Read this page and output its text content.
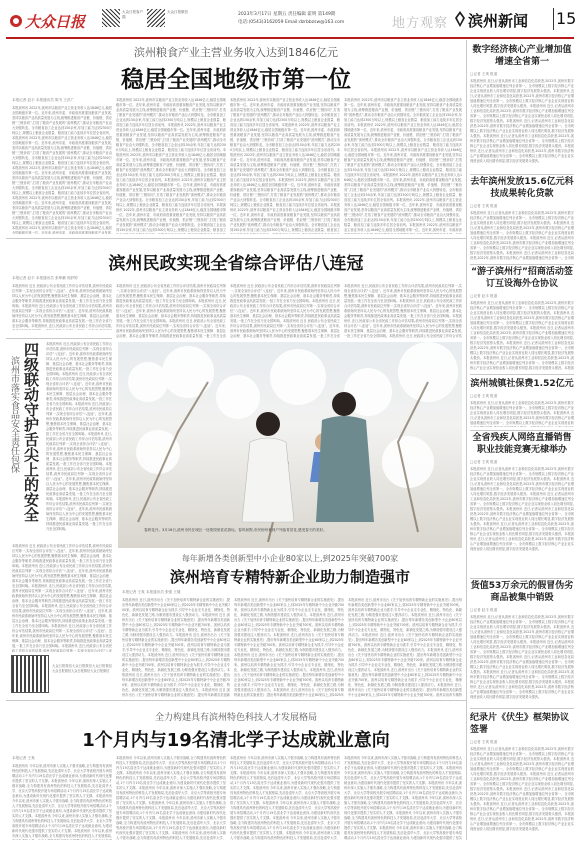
大众日报
大众日报客户端
大众日报微信	2023年3月17日 星期五 责任编辑 霍明 第149期
电话:(0543)3162059 Email:dzrbbzsw@163.com	地方观察 滨州新闻 15
滨州粮食产业主营业务收入达到1846亿元
稳居全国地级市第一位
本报记者 赵丰 本报通讯员 陈书 王洪广
本报滨州讯 2022年,滨州市以粮食产业主营业务收入达1846亿元,稳居全国地级市第一位。近年来,滨州市委、市政府高度重视粮食产业发展,坚持以粮食产业高质量发展为主线,统筹推进粮食产业链、价值链、供应链“三链协同”,打造了粮食产业发展的“滨州模式”,推动全市粮食产业由大到强转变。全市粮食加工企业达到150余家,年加工能力达到2300万吨以上,规模以上粮食企业数量、粮食加工能力连续多年位居全省前列。本报滨州讯 2022年,滨州市以粮食产业主营业务收入达1846亿元,稳居全国地级市第一位。近年来,滨州市委、市政府高度重视粮食产业发展,坚持以粮食产业高质量发展为主线,统筹推进粮食产业链、价值链、供应链“三链协同”,打造了粮食产业发展的“滨州模式”,推动全市粮食产业由大到强转变。全市粮食加工企业达到150余家,年加工能力达到2300万吨以上,规模以上粮食企业数量、粮食加工能力连续多年位居全省前列。本报滨州讯 2022年,滨州市以粮食产业主营业务收入达1846亿元,稳居全国地级市第一位。近年来,滨州市委、市政府高度重视粮食产业发展,坚持以粮食产业高质量发展为主线,统筹推进粮食产业链、价值链、供应链“三链协同”,打造了粮食产业发展的“滨州模式”,推动全市粮食产业由大到强转变。全市粮食加工企业达到150余家,年加工能力达到2300万吨以上,规模以上粮食企业数量、粮食加工能力连续多年位居全省前列。本报滨州讯 2022年,滨州市以粮食产业主营业务收入达1846亿元,稳居全国地级市第一位。近年来,滨州市委、市政府高度重视粮食产业发展,坚持以粮食产业高质量发展为主线,统筹推进粮食产业链、价值链、供应链“三链协同”,打造了粮食产业发展的“滨州模式”,推动全市粮食产业由大到强转变。全市粮食加工企业达到150余家,年加工能力达到2300万吨以上,规模以上粮食企业数量、粮食加工能力连续多年位居全省前列。本报滨州讯 2022年,滨州市以粮食产业主营业务收入达1846亿元,稳居全国地级市第一位。近年来,滨州市委、市政府高度重视粮食产业发展,
本报滨州讯 2022年,滨州市以粮食产业主营业务收入达1846亿元,稳居全国地级市第一位。近年来,滨州市委、市政府高度重视粮食产业发展,坚持以粮食产业高质量发展为主线,统筹推进粮食产业链、价值链、供应链“三链协同”,打造了粮食产业发展的“滨州模式”,推动全市粮食产业由大到强转变。全市粮食加工企业达到150余家,年加工能力达到2300万吨以上,规模以上粮食企业数量、粮食加工能力连续多年位居全省前列。本报滨州讯 2022年,滨州市以粮食产业主营业务收入达1846亿元,稳居全国地级市第一位。近年来,滨州市委、市政府高度重视粮食产业发展,坚持以粮食产业高质量发展为主线,统筹推进粮食产业链、价值链、供应链“三链协同”,打造了粮食产业发展的“滨州模式”,推动全市粮食产业由大到强转变。全市粮食加工企业达到150余家,年加工能力达到2300万吨以上,规模以上粮食企业数量、粮食加工能力连续多年位居全省前列。本报滨州讯 2022年,滨州市以粮食产业主营业务收入达1846亿元,稳居全国地级市第一位。近年来,滨州市委、市政府高度重视粮食产业发展,坚持以粮食产业高质量发展为主线,统筹推进粮食产业链、价值链、供应链“三链协同”,打造了粮食产业发展的“滨州模式”,推动全市粮食产业由大到强转变。全市粮食加工企业达到150余家,年加工能力达到2300万吨以上,规模以上粮食企业数量、粮食加工能力连续多年位居全省前列。本报滨州讯 2022年,滨州市以粮食产业主营业务收入达1846亿元,稳居全国地级市第一位。近年来,滨州市委、市政府高度重视粮食产业发展,坚持以粮食产业高质量发展为主线,统筹推进粮食产业链、价值链、供应链“三链协同”,打造了粮食产业发展的“滨州模式”,推动全市粮食产业由大到强转变。全市粮食加工企业达到150余家,年加工能力达到2300万吨以上,规模以上粮食企业数量、粮食加工能力连续多年位居全省前列。本报滨州讯 2022年,滨州市以粮食产业主营业务收入达1846亿元,稳居全国地级市第一位。近年来,滨州市委、市政府高度重视粮食产业发展,坚持以粮食产业高质量发展为主线,统筹推进粮食产业链、价值链、供应链“三链协同”,打造了粮食产业发展的“滨州模式”,推动全市粮食产业由大到强转变。全市粮食加工企业达到150余家,年加工能力达到2300万吨以上,规模以上粮食企业数量、粮食加工
本报滨州讯 2022年,滨州市以粮食产业主营业务收入达1846亿元,稳居全国地级市第一位。近年来,滨州市委、市政府高度重视粮食产业发展,坚持以粮食产业高质量发展为主线,统筹推进粮食产业链、价值链、供应链“三链协同”,打造了粮食产业发展的“滨州模式”,推动全市粮食产业由大到强转变。全市粮食加工企业达到150余家,年加工能力达到2300万吨以上,规模以上粮食企业数量、粮食加工能力连续多年位居全省前列。本报滨州讯 2022年,滨州市以粮食产业主营业务收入达1846亿元,稳居全国地级市第一位。近年来,滨州市委、市政府高度重视粮食产业发展,坚持以粮食产业高质量发展为主线,统筹推进粮食产业链、价值链、供应链“三链协同”,打造了粮食产业发展的“滨州模式”,推动全市粮食产业由大到强转变。全市粮食加工企业达到150余家,年加工能力达到2300万吨以上,规模以上粮食企业数量、粮食加工能力连续多年位居全省前列。本报滨州讯 2022年,滨州市以粮食产业主营业务收入达1846亿元,稳居全国地级市第一位。近年来,滨州市委、市政府高度重视粮食产业发展,坚持以粮食产业高质量发展为主线,统筹推进粮食产业链、价值链、供应链“三链协同”,打造了粮食产业发展的“滨州模式”,推动全市粮食产业由大到强转变。全市粮食加工企业达到150余家,年加工能力达到2300万吨以上,规模以上粮食企业数量、粮食加工能力连续多年位居全省前列。本报滨州讯 2022年,滨州市以粮食产业主营业务收入达1846亿元,稳居全国地级市第一位。近年来,滨州市委、市政府高度重视粮食产业发展,坚持以粮食产业高质量发展为主线,统筹推进粮食产业链、价值链、供应链“三链协同”,打造了粮食产业发展的“滨州模式”,推动全市粮食产业由大到强转变。全市粮食加工企业达到150余家,年加工能力达到2300万吨以上,规模以上粮食企业数量、粮食加工能力连续多年位居全省前列。本报滨州讯 2022年,滨州市以粮食产业主营业务收入达1846亿元,稳居全国地级市第一位。近年来,滨州市委、市政府高度重视粮食产业发展,坚持以粮食产业高质量发展为主线,统筹推进粮食产业链、价值链、供应链“三链协同”,打造了粮食产业发展的“滨州模式”,推动全市粮食产业由大到强转变。全市粮食加工企业达到150余家,年加工能力达到2300万吨以上,规模以上粮食企业数量、粮食加工
本报滨州讯 2022年,滨州市以粮食产业主营业务收入达1846亿元,稳居全国地级市第一位。近年来,滨州市委、市政府高度重视粮食产业发展,坚持以粮食产业高质量发展为主线,统筹推进粮食产业链、价值链、供应链“三链协同”,打造了粮食产业发展的“滨州模式”,推动全市粮食产业由大到强转变。全市粮食加工企业达到150余家,年加工能力达到2300万吨以上,规模以上粮食企业数量、粮食加工能力连续多年位居全省前列。本报滨州讯 2022年,滨州市以粮食产业主营业务收入达1846亿元,稳居全国地级市第一位。近年来,滨州市委、市政府高度重视粮食产业发展,坚持以粮食产业高质量发展为主线,统筹推进粮食产业链、价值链、供应链“三链协同”,打造了粮食产业发展的“滨州模式”,推动全市粮食产业由大到强转变。全市粮食加工企业达到150余家,年加工能力达到2300万吨以上,规模以上粮食企业数量、粮食加工能力连续多年位居全省前列。本报滨州讯 2022年,滨州市以粮食产业主营业务收入达1846亿元,稳居全国地级市第一位。近年来,滨州市委、市政府高度重视粮食产业发展,坚持以粮食产业高质量发展为主线,统筹推进粮食产业链、价值链、供应链“三链协同”,打造了粮食产业发展的“滨州模式”,推动全市粮食产业由大到强转变。全市粮食加工企业达到150余家,年加工能力达到2300万吨以上,规模以上粮食企业数量、粮食加工能力连续多年位居全省前列。本报滨州讯 2022年,滨州市以粮食产业主营业务收入达1846亿元,稳居全国地级市第一位。近年来,滨州市委、市政府高度重视粮食产业发展,坚持以粮食产业高质量发展为主线,统筹推进粮食产业链、价值链、供应链“三链协同”,打造了粮食产业发展的“滨州模式”,推动全市粮食产业由大到强转变。全市粮食加工企业达到150余家,年加工能力达到2300万吨以上,规模以上粮食企业数量、粮食加工能力连续多年位居全省前列。本报滨州讯 2022年,滨州市以粮食产业主营业务收入达1846亿元,稳居全国地级市第一位。近年来,滨州市委、市政府高度重视粮食产业发展,坚持以粮食产业高质量发展为主线,统筹推进粮食产业链、价值链、供应链“三链协同”,打造了粮食产业发展的“滨州模式”,推动全市粮食产业由大到强转变。全市粮食加工企业达到150余家,年加工能力达到2300万吨以上,规模以上粮食企业数量、粮食加工能力连续多年位居全省前列。本报滨州讯 2022年,滨州市以粮食产业主营业务收入达1846亿元,稳居全国地级市第一位。近年来,滨州市委、市政府高
滨州民政实现全省综合评估八连冠
本报记者 赵丰 本报通讯员 张坤鹏 郭舒婷
本报滨州讯 近日,民政部公布全省民政工作综合评估结果,滨州市民政局位列第一,实现全省综合评估“八连冠”。近年来,滨州市民政系统始终坚持以人民为中心的发展思想,聚焦基本民生保障、基层社会治理、基本社会服务等职责,持续推进民政事业高质量发展,一批工作在全省乃至全国叫响。本报滨州讯 近日,民政部公布全省民政工作综合评估结果,滨州市民政局位列第一,实现全省综合评估“八连冠”。近年来,滨州市民政系统始终坚持以人民为中心的发展思想,聚焦基本民生保障、基层社会治理、基本社会服务等职责,持续推进民政事业高质量发展,一批工作在全省乃至全国叫响。本报滨州讯 近日,民政部公布全省民政工作综合评估结果,
本报滨州讯 近日,民政部公布全省民政工作综合评估结果,滨州市民政局位列第一,实现全省综合评估“八连冠”。近年来,滨州市民政系统始终坚持以人民为中心的发展思想,聚焦基本民生保障、基层社会治理、基本社会服务等职责,持续推进民政事业高质量发展,一批工作在全省乃至全国叫响。本报滨州讯 近日,民政部公布全省民政工作综合评估结果,滨州市民政局位列第一,实现全省综合评估“八连冠”。近年来,滨州市民政系统始终坚持以人民为中心的发展思想,聚焦基本民生保障、基层社会治理、基本社会服务等职责,持续推进民政事业高质量发展,一批工作在全省乃至全国叫响。本报滨州讯 近日,民政部公布全省民政工作综合评估结果,滨州市民政局位列第一,实现全省综合评估“八连冠”。近年来,滨州市民政系统始终坚持以人民为中心的发展思想,聚焦基本民生保障、基层社会治理、基本社会服务等职责,持续推进民政事业高质量发展,一批工作在全省
本报滨州讯 近日,民政部公布全省民政工作综合评估结果,滨州市民政局位列第一,实现全省综合评估“八连冠”。近年来,滨州市民政系统始终坚持以人民为中心的发展思想,聚焦基本民生保障、基层社会治理、基本社会服务等职责,持续推进民政事业高质量发展,一批工作在全省乃至全国叫响。本报滨州讯 近日,民政部公布全省民政工作综合评估结果,滨州市民政局位列第一,实现全省综合评估“八连冠”。近年来,滨州市民政系统始终坚持以人民为中心的发展思想,聚焦基本民生保障、基层社会治理、基本社会服务等职责,持续推进民政事业高质量发展,一批工作在全省乃至全国叫响。本报滨州讯 近日,民政部公布全省民政工作综合评估结果,滨州市民政局位列第一,实现全省综合评估“八连冠”。近年来,滨州市民政系统始终坚持以人民为中心的发展思想,聚焦基本民生保障、基层社会治理、基本社会服务等职责,持续推进民政事业高质量发展,一批工作在全省
本报滨州讯 近日,民政部公布全省民政工作综合评估结果,滨州市民政局位列第一,实现全省综合评估“八连冠”。近年来,滨州市民政系统始终坚持以人民为中心的发展思想,聚焦基本民生保障、基层社会治理、基本社会服务等职责,持续推进民政事业高质量发展,一批工作在全省乃至全国叫响。本报滨州讯 近日,民政部公布全省民政工作综合评估结果,滨州市民政局位列第一,实现全省综合评估“八连冠”。近年来,滨州市民政系统始终坚持以人民为中心的发展思想,聚焦基本民生保障、基层社会治理、基本社会服务等职责,持续推进民政事业高质量发展,一批工作在全省乃至全国叫响。本报滨州讯 近日,民政部公布全省民政工作综合评估结果,滨州市民政局位列第一,实现全省综合评估“八连冠”。近年来,滨州市民政系统始终坚持以人民为中心的发展思想,聚焦基本民生保障、基层社会治理、基本社会服务等职责,持续推进民政事业高质量发展,一批工作在全省乃至全国叫响。本报滨州讯 近日,民政部公布全省民政工作综合评估
四级联动守护舌尖上的安全
滨州市落实食品安全责任包保
本报滨州讯 近日,民政部公布全省民政工作综合评估结果,滨州市民政局位列第一,实现全省综合评估“八连冠”。近年来,滨州市民政系统始终坚持以人民为中心的发展思想,聚焦基本民生保障、基层社会治理、基本社会服务等职责,持续推进民政事业高质量发展,一批工作在全省乃至全国叫响。本报滨州讯 近日,民政部公布全省民政工作综合评估结果,滨州市民政局位列第一,实现全省综合评估“八连冠”。近年来,滨州市民政系统始终坚持以人民为中心的发展思想,聚焦基本民生保障、基层社会治理、基本社会服务等职责,持续推进民政事业高质量发展,一批工作在全省乃至全国叫响。本报滨州讯 近日,民政部公布全省民政工作综合评估结果,滨州市民政局位列第一,实现全省综合评估“八连冠”。近年来,滨州市民政系统始终坚持以人民为中心的发展思想,聚焦基本民生保障、基层社会治理、基本社会服务等职责,持续推进民政事业高质量发展,一批工作在全省乃至全国叫响。本报滨州讯 近日,民政部公布全省民政工作综合评估结果,滨州市民政局位列第一,实现全省综合评估“八连冠”。近年来,滨州市民政系统始终坚持以人民为中心的发展思想,聚焦基本民生保障、基层社会治理、基本社会服务等职责,持续推进民政事业高质量发展,一批工作在全省乃至全国叫响。本报滨州讯 近日,民政部公布全省民政工作综合评估结果,滨州市民政局位列第一,实现全省综合评估“八连冠”。近年来,滨州市民政系统始终坚持以人民为中心的发展思想,聚焦基本民生保障、基层社会治理、基本社会服务等职责,持续推进民政事业高质量发展,一批工作在全省乃至全国叫响。本报滨州讯 近日,民政部公布全省民政工作综合评估结果,滨州市民政局位列第一,实现全省综合评估“八连冠”。近年来,滨州市民政系统始终坚持以人民为中心的发展思想,聚焦基本民生保障、基层社会治理、基本社会服务等职责,持续推进民政事业高质量发展,一批工作在全省乃至全国叫响。
本报滨州讯 近日,民政部公布全省民政工作综合评估结果,滨州市民政局位列第一,实现全省综合评估“八连冠”。近年来,滨州市民政系统始终坚持以人民为中心的发展思想,聚焦基本民生保障、基层社会治理、基本社会服务等职责,持续推进民政事业高质量发展,一批工作在全省乃至全国叫响。本报滨州讯 近日,民政部公布全省民政工作综合评估结果,滨州市民政局位列第一,实现全省综合评估“八连冠”。近年来,滨州市民政系统始终坚持以人民为中心的发展思想,聚焦基本民生保障、基层社会治理、基本社会服务等职责,持续推进民政事业高质量发展,一批工作在全省乃至全国叫响。本报滨州讯 近日,民政部公布全省民政工作综合评估结果,滨州市民政局位列第一,实现全省综合评估“八连冠”。近年来,滨州市民政系统始终坚持以人民为中心的发展思想,聚焦基本民生保障、基层社会治理、基本社会服务等职责,持续推进民政事业高质量发展,一批工作在全省乃至全国叫响。本报滨州讯 近日,民政部公布全省民政工作综合评估结果,滨州市民政局位列第一,实现全省综合评估“八连冠”。近年来,滨州市民政系统始终坚持以人民为中心的发展思想,聚焦基本民生保障、基层社会治理、基本社会服务等职责,持续推进民政事业高质量发展,一批工作在全省乃至全国叫响。本报滨州讯 近日,民政部公布全省民政工作综合评估结果,滨州市民政局位列第一,实现全省综合评估“八连冠”。近年来,滨州市民政系统始终坚持以人民为中心的发展思想,聚焦基本民生保障、基层社会治理、基本社会服务等职责,持续推进民政事业高质量发展,一批工作在全省乃至全国叫响。本报滨州讯 近日,民政部公布全省民政工作综合评估结果,滨州市民政局位列第一,实现全省综合评估“八连
大众日报微信大众日报微信大众日报微信大众日报微信大众日报微信大众日报微信
春妍花开。3月16日,滨州市民在城区一处梨园里赏花游玩。春风和煦,市民纷纷来到户外踏青赏花,感受春天的美好。
每年新增各类创新型中小企业80家以上,到2025年突破700家
滨州培育专精特新企业助力制造强市
本报记者 王爽 本报通讯员 张强 王健
本报滨州讯 近日,滨州市出台《关于加快培育专精特新企业的实施意见》,提出每年新增各类创新型中小企业80家以上,到2025年专精特新中小企业突破700家。滨州以培育专精特新企业为抓手,引导中小企业走专业化、精细化、特色化、新颖化发展之路,为制造强市建设注入强劲动力。本报滨州讯 近日,滨州市出台《关于加快培育专精特新企业的实施意见》,提出每年新增各类创新型中小企业80家以上,到2025年专精特新中小企业突破700家。滨州以培育专精特新企业为抓手,引导中小企业走专业化、精细化、特色化、新颖化发展之路,为制造强市建设注入强劲动力。本报滨州讯 近日,滨州市出台《关于加快培育专精特新企业的实施意见》,提出每年新增各类创新型中小企业80家以上,到2025年专精特新中小企业突破700家。滨州以培育专精特新企业为抓手,引导中小企业走专业化、精细化、特色化、新颖化发展之路,为制造强市建设注入强劲动力。本报滨州讯 近日,滨州市出台《关于加快培育专精特新企业的实施意见》,提出每年新增各类创新型中小企业80家以上,到2025年专精特新中小企业突破700家。滨州以培育专精特新企业为抓手,引导中小企业走专业化、精细化、特色化、新颖化发展之路,为制造强市建设注入强劲动力。本报滨州讯 近日,滨州市出台《关于加快培育专精特新企业的实施意见》,提出每年新增各类创新型中小企业80家以上,到2025年专精特新中小企业突破700家。滨州以培育专精特新企业为抓手,引导中小企业走专业化、精细化、特色化、新颖化发展之路,为制造强市建设注入强劲动力。本报滨州讯 近日,滨州市出台《关于加快培育专精特新企业的实施意见》,提出每年新增各类创新
本报滨州讯 近日,滨州市出台《关于加快培育专精特新企业的实施意见》,提出每年新增各类创新型中小企业80家以上,到2025年专精特新中小企业突破700家。滨州以培育专精特新企业为抓手,引导中小企业走专业化、精细化、特色化、新颖化发展之路,为制造强市建设注入强劲动力。本报滨州讯 近日,滨州市出台《关于加快培育专精特新企业的实施意见》,提出每年新增各类创新型中小企业80家以上,到2025年专精特新中小企业突破700家。滨州以培育专精特新企业为抓手,引导中小企业走专业化、精细化、特色化、新颖化发展之路,为制造强市建设注入强劲动力。本报滨州讯 近日,滨州市出台《关于加快培育专精特新企业的实施意见》,提出每年新增各类创新型中小企业80家以上,到2025年专精特新中小企业突破700家。滨州以培育专精特新企业为抓手,引导中小企业走专业化、精细化、特色化、新颖化发展之路,为制造强市建设注入强劲动力。本报滨州讯 近日,滨州市出台《关于加快培育专精特新企业的实施意见》,提出每年新增各类创新型中小企业80家以上,到2025年专精特新中小企业突破700家。滨州以培育专精特新企业为抓手,引导中小企业走专业化、精细化、特色化、新颖化发展之路,为制造强市建设注入强劲动力。本报滨州讯 近日,滨州市出台《关于加快培育专精特新企业的实施意见》,提出每年新增各类创新型中小企业80家以上,到2025年专精特新中小企业突破700家。滨州以培育专精特新企业为抓手,引导中小企业走专业化、精细化、特色化、新颖化发展之路,为制造强市建设注入强劲动力。本报滨州讯 近日,滨州市出台《关于加快培育专精特新企业的实施意见》,提出每年新增各类创新型中小企业80家以上,到2025年
本报滨州讯 近日,滨州市出台《关于加快培育专精特新企业的实施意见》,提出每年新增各类创新型中小企业80家以上,到2025年专精特新中小企业突破700家。滨州以培育专精特新企业为抓手,引导中小企业走专业化、精细化、特色化、新颖化发展之路,为制造强市建设注入强劲动力。本报滨州讯 近日,滨州市出台《关于加快培育专精特新企业的实施意见》,提出每年新增各类创新型中小企业80家以上,到2025年专精特新中小企业突破700家。滨州以培育专精特新企业为抓手,引导中小企业走专业化、精细化、特色化、新颖化发展之路,为制造强市建设注入强劲动力。本报滨州讯 近日,滨州市出台《关于加快培育专精特新企业的实施意见》,提出每年新增各类创新型中小企业80家以上,到2025年专精特新中小企业突破700家。滨州以培育专精特新企业为抓手,引导中小企业走专业化、精细化、特色化、新颖化发展之路,为制造强市建设注入强劲动力。本报滨州讯 近日,滨州市出台《关于加快培育专精特新企业的实施意见》,提出每年新增各类创新型中小企业80家以上,到2025年专精特新中小企业突破700家。滨州以培育专精特新企业为抓手,引导中小企业走专业化、精细化、特色化、新颖化发展之路,为制造强市建设注入强劲动力。本报滨州讯 近日,滨州市出台《关于加快培育专精特新企业的实施意见》,提出每年新增各类创新型中小企业80家以上,到2025年专精特新中小企业突破700家。滨州以培育专精特新企业为抓手,引导中小企业走专业化、精细化、特色化、新颖化发展之路,为制造强市建设注入强劲动力。本报滨州讯 近日,滨州市出台《关于加快培育专精特新企业的实施意见》,提出每年新增各类创新型中小企业80家以上,到2025年专精特新中小企业突破700家。滨州以培育专精特
全力构建具有滨州特色科技人才发展格局
1个月内与19名清北学子达成就业意向
本报记者 王爽
本报滨州讯 今年以来,滨州市深入实施人才强市战略,全力构建具有滨州特色的科技人才发展格局,先后赴清华大学、北京大学等高校开展专场招聘活动,1个月内与19名清北学子达成就业意向,为建设新时代现代化强市提供了坚实的人才支撑。本报滨州讯 今年以来,滨州市深入实施人才强市战略,全力构建具有滨州特色的科技人才发展格局,先后赴清华大学、北京大学等高校开展专场招聘活动,1个月内与19名清北学子达成就业意向,为建设新时代现代化强市提供了坚实的人才支撑。本报滨州讯 今年以来,滨州市深入实施人才强市战略,全力构建具有滨州特色的科技人才发展格局,先后赴清华大学、北京大学等高校开展专场招聘活动,1个月内与19名清北学子达成就业意向,为建设新时代现代化强市提供了坚实的人才支撑。本报滨州讯 今年以来,滨州市深入实施人才强市战略,全力构建具有滨州特色的科技人才发展格局,先后赴清华大学、北京大学等高校开展专场招聘活动,1个月内与19名清北学子达成就业意向,为建设新时代现代化强市提供了坚实的人才支撑。本报滨州讯 今年以来,滨州市深入实施人才强市战略,全力构建具有滨州特色的科技人才发展格局,
本报滨州讯 今年以来,滨州市深入实施人才强市战略,全力构建具有滨州特色的科技人才发展格局,先后赴清华大学、北京大学等高校开展专场招聘活动,1个月内与19名清北学子达成就业意向,为建设新时代现代化强市提供了坚实的人才支撑。本报滨州讯 今年以来,滨州市深入实施人才强市战略,全力构建具有滨州特色的科技人才发展格局,先后赴清华大学、北京大学等高校开展专场招聘活动,1个月内与19名清北学子达成就业意向,为建设新时代现代化强市提供了坚实的人才支撑。本报滨州讯 今年以来,滨州市深入实施人才强市战略,全力构建具有滨州特色的科技人才发展格局,先后赴清华大学、北京大学等高校开展专场招聘活动,1个月内与19名清北学子达成就业意向,为建设新时代现代化强市提供了坚实的人才支撑。本报滨州讯 今年以来,滨州市深入实施人才强市战略,全力构建具有滨州特色的科技人才发展格局,先后赴清华大学、北京大学等高校开展专场招聘活动,1个月内与19名清北学子达成就业意向,为建设新时代现代化强市提供了坚实的人才支撑。本报滨州讯 今年以来,滨州市深入实施人才强市战略,全力构建具有滨州特色的科技人才发展格局,先后赴清华大学、北京大学等高校开展专场招聘活动,1个月内与19名清北学子达成就业意向,为建设新时代现代化强市提供了坚实的人才支撑。本报滨州讯 今年以来,滨州市深入实施人才强市战略,全力构建具有滨州特色的科技人才发展格局,先后赴清华大学、
本报滨州讯 今年以来,滨州市深入实施人才强市战略,全力构建具有滨州特色的科技人才发展格局,先后赴清华大学、北京大学等高校开展专场招聘活动,1个月内与19名清北学子达成就业意向,为建设新时代现代化强市提供了坚实的人才支撑。本报滨州讯 今年以来,滨州市深入实施人才强市战略,全力构建具有滨州特色的科技人才发展格局,先后赴清华大学、北京大学等高校开展专场招聘活动,1个月内与19名清北学子达成就业意向,为建设新时代现代化强市提供了坚实的人才支撑。本报滨州讯 今年以来,滨州市深入实施人才强市战略,全力构建具有滨州特色的科技人才发展格局,先后赴清华大学、北京大学等高校开展专场招聘活动,1个月内与19名清北学子达成就业意向,为建设新时代现代化强市提供了坚实的人才支撑。本报滨州讯 今年以来,滨州市深入实施人才强市战略,全力构建具有滨州特色的科技人才发展格局,先后赴清华大学、北京大学等高校开展专场招聘活动,1个月内与19名清北学子达成就业意向,为建设新时代现代化强市提供了坚实的人才支撑。本报滨州讯 今年以来,滨州市深入实施人才强市战略,全力构建具有滨州特色的科技人才发展格局,先后赴清华大学、北京大学等高校开展专场招聘活动,1个月内与19名清北学子达成就业意向,为建设新时代现代化强市提供了坚实的人才支撑。本报滨州讯 今年以来,滨州市深入实施人才强市战略,全力构建具有滨州特色的科技人才发展格局,先后赴清华大学、
本报滨州讯 今年以来,滨州市深入实施人才强市战略,全力构建具有滨州特色的科技人才发展格局,先后赴清华大学、北京大学等高校开展专场招聘活动,1个月内与19名清北学子达成就业意向,为建设新时代现代化强市提供了坚实的人才支撑。本报滨州讯 今年以来,滨州市深入实施人才强市战略,全力构建具有滨州特色的科技人才发展格局,先后赴清华大学、北京大学等高校开展专场招聘活动,1个月内与19名清北学子达成就业意向,为建设新时代现代化强市提供了坚实的人才支撑。本报滨州讯 今年以来,滨州市深入实施人才强市战略,全力构建具有滨州特色的科技人才发展格局,先后赴清华大学、北京大学等高校开展专场招聘活动,1个月内与19名清北学子达成就业意向,为建设新时代现代化强市提供了坚实的人才支撑。本报滨州讯 今年以来,滨州市深入实施人才强市战略,全力构建具有滨州特色的科技人才发展格局,先后赴清华大学、北京大学等高校开展专场招聘活动,1个月内与19名清北学子达成就业意向,为建设新时代现代化强市提供了坚实的人才支撑。本报滨州讯 今年以来,滨州市深入实施人才强市战略,全力构建具有滨州特色的科技人才发展格局,先后赴清华大学、北京大学等高校开展专场招聘活动,1个月内与19名清北学子达成就业意向,为建设新时代现代化强市提供了坚实的人才支撑。本报滨州讯 今年以来,滨州市深入实施人才强市战略,全力构建具有滨州特色的科技人才发展格局,先后赴清华大学、北京大学等高校开展专场招聘活动,1个月内与19名清北学子达成就业意向,为建设新时代现代化强市提供了坚实
数字经济核心产业增加值增速全省第一
□记者 王爽 报道
本报滨州讯 近日,记者从滨州市工业和信息化局获悉,2022年,滨州市数字经济核心产业增加值增速位列全省第一。全市规模以上数字经济核心产业企业实现营业收入同比增长明显,数字经济发展势头强劲。本报滨州讯 近日,记者从滨州市工业和信息化局获悉,2022年,滨州市数字经济核心产业增加值增速位列全省第一。全市规模以上数字经济核心产业企业实现营业收入同比增长明显,数字经济发展势头强劲。本报滨州讯 近日,记者从滨州市工业和信息化局获悉,2022年,滨州市数字经济核心产业增加值增速位列全省第一。全市规模以上数字经济核心产业企业实现营业收入同比增长明显,数字经济发展势头强劲。本报滨州讯 近日,记者从滨州市工业和信息化局获悉,2022年,滨州市数字经济核心产业增加值增速位列全省第一。全市规模以上数字经济核心产业企业实现营业收入同比增长明显,数字经济发展势头强劲。本报滨州讯 近日,记者从滨州市工业和信息化局获悉,2022年,滨州市数字经济核心产业增加值增速位列全省第一。全市规模以上数字经济核心产业企业实现营业收入同比增长明显,数字经济发展势头强劲。本报滨州讯 近日,记者从滨州市工业和信息化局获悉,2022年,滨州市数字经济核心产业增加值增速位列全省第一。全市规模以上数字经济核心产业企业实现营业收入同比增长明显,数字经济发展势头强劲。
去年滨州发放15.6亿元科技成果转化贷款
□记者 王爽 报道
本报滨州讯 近日,记者从滨州市工业和信息化局获悉,2022年,滨州市数字经济核心产业增加值增速位列全省第一。全市规模以上数字经济核心产业企业实现营业收入同比增长明显,数字经济发展势头强劲。本报滨州讯 近日,记者从滨州市工业和信息化局获悉,2022年,滨州市数字经济核心产业增加值增速位列全省第一。全市规模以上数字经济核心产业企业实现营业收入同比增长明显,数字经济发展势头强劲。本报滨州讯 近日,记者从滨州市工业和信息化局获悉,2022年,滨州市数字经济核心产业增加值增速位列全省第一。全市规模以上数字经济核心产业企业实现营业收入同比增长明显,数字经济发展势头强劲。本报滨州讯 近日,记者从滨州市工业和信息化局获悉,2022年,滨州市数字经济核心产业增加值增速位列全省第一。全市规
“游子滨州行”招商活动签订互设海外仓协议
□记者 赵丰 报道
本报滨州讯 近日,记者从滨州市工业和信息化局获悉,2022年,滨州市数字经济核心产业增加值增速位列全省第一。全市规模以上数字经济核心产业企业实现营业收入同比增长明显,数字经济发展势头强劲。本报滨州讯 近日,记者从滨州市工业和信息化局获悉,2022年,滨州市数字经济核心产业增加值增速位列全省第一。全市规模以上数字经济核心产业企业实现营业收入同比增长明显,数字经济发展势头强劲。本报滨州讯 近日,记者从滨州市工业和信息化局获悉,2022年,滨州市数字经济核心产业增加值增速位列全省第一。全市规模以上数字经济核心产业企业实现营业收入同比增长明显,数字经济发展势头强劲。本报滨州讯 近日,记者从滨州市工业和信息化局获悉,2022年,滨州市数字经济核心产业增加值增速位列全省第一。全市规模以上数字经济核心产业企业实现营业收入同比增长明显,数字经济发展势头强劲。本报滨州讯 近日,记者从滨州市工业和信息化局获悉,2022年,滨州市数字经济核心产业增加值增速位列全省第一。全市规模以上数字经济核心产业企业实现营业收入同比增长明显,数字经济发展势头强劲。本报滨
滨州城镇社保费1.52亿元
□记者 王爽 报道
本报滨州讯 近日,记者从滨州市工业和信息化局获悉,2022年,滨州市数字经济核心产业增加值增速位列全省第一。全市规模以上数字经济核心产业企业实现营业收入同比增长明显,数字经济发展势头强劲。本报滨州讯 近日,记者从滨州市工业和信息化局获悉,2022年,滨州市数字经济核心产业增加值增速位列全省第一。全市规模以上数字经济核心产业企业实现营业收
全省残疾人网络直播销售职业技能竞赛无棣举办
□记者 王爽 报道
本报滨州讯 近日,记者从滨州市工业和信息化局获悉,2022年,滨州市数字经济核心产业增加值增速位列全省第一。全市规模以上数字经济核心产业企业实现营业收入同比增长明显,数字经济发展势头强劲。本报滨州讯 近日,记者从滨州市工业和信息化局获悉,2022年,滨州市数字经济核心产业增加值增速位列全省第一。全市规模以上数字经济核心产业企业实现营业收入同比增长明显,数字经济发展势头强劲。本报滨州讯 近日,记者从滨州市工业和信息化局获悉,2022年,滨州市数字经济核心产业增加值增速位列全省第一。全市规模以上数字经济核心产业企业实现营业收入同比增长明显,数字经济发展势头强劲。本报滨州讯 近日,记者从滨州市工业和信息化局获悉,2022年,滨州市数字经济核心产业增加值增速位列全省第一。全市规模以上数字经济核心产业企业实现营业收入同比增长明显,数字经济发展势头强劲。本报滨州讯 近日,记者从滨州市工业和信息化局获悉,2022年,滨州市数字经济核心产业增加值增速位列全省第一。全市规模以上数字经济核心产业企业实现营业收入同比增长明显,数字经济发展势头强劲。本报滨州讯 近日,记者从滨州市工业和信息化局获悉,2022年,滨州市数字经济核心产业增加值增速位列全省第一。全市规模以上数字经济核心产业企业实现营业收入同比增长明显,数字经济发展势头强劲。
货值53万余元的假冒伪劣商品被集中销毁
□记者 赵丰 报道
本报滨州讯 近日,记者从滨州市工业和信息化局获悉,2022年,滨州市数字经济核心产业增加值增速位列全省第一。全市规模以上数字经济核心产业企业实现营业收入同比增长明显,数字经济发展势头强劲。本报滨州讯 近日,记者从滨州市工业和信息化局获悉,2022年,滨州市数字经济核心产业增加值增速位列全省第一。全市规模以上数字经济核心产业企业实现营业收入同比增长明显,数字经济发展势头强劲。本报滨州讯 近日,记者从滨州市工业和信息化局获悉,2022年,滨州市数字经济核心产业增加值增速位列全省第一。全市规模以上数字经济核心产业企业实现营业收入同比增长明显,数字经济发展势头强劲。本报滨州讯 近日,记者从滨州市工业和信息化局获悉,2022年,滨州市数字经济核心产业增加值增速位列全省第一。全市规模以上数字经济核心产业企业实现营业收入同比增长明显,数字经济发展势头强劲。本报滨州讯 近日,记者从滨州市工业和信息化局获悉,2022年,滨州市数字经济核心产业增加值增速位列全省第一。全市规模以上数字经济核心产业企业实现营业收入同比增长明显,数字经济发展势头强劲。本报滨州讯 近日,记者从滨州市工业和信息化局获悉,2022年,滨州市数字经济核心产业增加值增速位列全省第一。全市规模以上数字经济核心产业企业实现营业收入同比增长明显,数字经济发展势头强劲。
纪录片《伏生》框架协议签署
□记者 王爽 报道
本报滨州讯 近日,记者从滨州市工业和信息化局获悉,2022年,滨州市数字经济核心产业增加值增速位列全省第一。全市规模以上数字经济核心产业企业实现营业收入同比增长明显,数字经济发展势头强劲。本报滨州讯 近日,记者从滨州市工业和信息化局获悉,2022年,滨州市数字经济核心产业增加值增速位列全省第一。全市规模以上数字经济核心产业企业实现营业收入同比增长明显,数字经济发展势头强劲。本报滨州讯 近日,记者从滨州市工业和信息化局获悉,2022年,滨州市数字经济核心产业增加值增速位列全省第一。全市规模以上数字经济核心产业企业实现营业收入同比增长明显,数字经济发展势头强劲。本报滨州讯 近日,记者从滨州市工业和信息化局获悉,2022年,滨州市数字经济核心产业增加值增速位列全省第一。全市规模以上数字经济核心产业企业实现营业收入同比增长明显,数字经济发展势头强劲。本报滨州讯 近日,记者从滨州市工业和信息化局获悉,2022年,滨州市数字经济核心产业增加值增速位列全省第一。全市规模以上数字经济核心产业企业实现营业收入同比增长明显,数字经济发展势头强劲。本报滨州讯 近日,记者从滨州市工业和信息化局获悉,2022年,滨州市数字经济核心产业增加值增速位列全省第一。全市规模以上数字经济核心产业企业实现营业收入同比增长明显,数字经济发展势头强劲。
